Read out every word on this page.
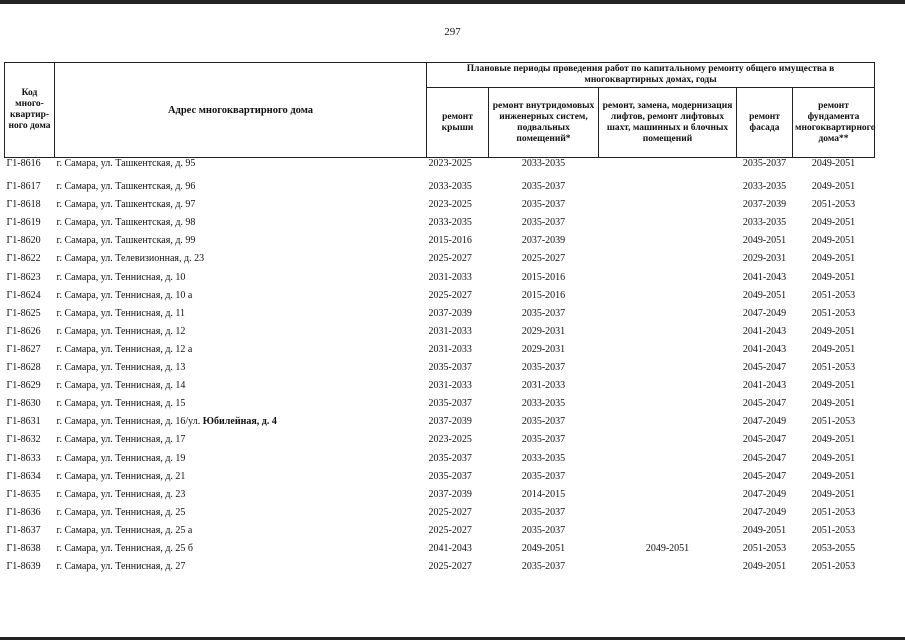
297
Код много-квартир-ного дома	Адрес многоквартирного дома	Плановые периоды проведения работ по капитальному ремонту общего имущества в многоквартирных домах, годы				
		ремонт крыши	ремонт внутридомовых инженерных систем, подвальных помещений*	ремонт, замена, модернизация лифтов, ремонт лифтовых шахт, машинных и блочных помещений	ремонт фасада	ремонт фундамента многоквартирного дома**
Г1-8616	г. Самара, ул. Ташкентская, д. 95	2023-2025	2033-2035		2035-2037	2049-2051
Г1-8617	г. Самара, ул. Ташкентская, д. 96	2033-2035	2035-2037		2033-2035	2049-2051
Г1-8618	г. Самара, ул. Ташкентская, д. 97	2023-2025	2035-2037		2037-2039	2051-2053
Г1-8619	г. Самара, ул. Ташкентская, д. 98	2033-2035	2035-2037		2033-2035	2049-2051
Г1-8620	г. Самара, ул. Ташкентская, д. 99	2015-2016	2037-2039		2049-2051	2049-2051
Г1-8622	г. Самара, ул. Телевизионная, д. 23	2025-2027	2025-2027		2029-2031	2049-2051
Г1-8623	г. Самара, ул. Теннисная, д. 10	2031-2033	2015-2016		2041-2043	2049-2051
Г1-8624	г. Самара, ул. Теннисная, д. 10 а	2025-2027	2015-2016		2049-2051	2051-2053
Г1-8625	г. Самара, ул. Теннисная, д. 11	2037-2039	2035-2037		2047-2049	2051-2053
Г1-8626	г. Самара, ул. Теннисная, д. 12	2031-2033	2029-2031		2041-2043	2049-2051
Г1-8627	г. Самара, ул. Теннисная, д. 12 а	2031-2033	2029-2031		2041-2043	2049-2051
Г1-8628	г. Самара, ул. Теннисная, д. 13	2035-2037	2035-2037		2045-2047	2051-2053
Г1-8629	г. Самара, ул. Теннисная, д. 14	2031-2033	2031-2033		2041-2043	2049-2051
Г1-8630	г. Самара, ул. Теннисная, д. 15	2035-2037	2033-2035		2045-2047	2049-2051
Г1-8631	г. Самара, ул. Теннисная, д. 16/ул. Юбилейная, д. 4	2037-2039	2035-2037		2047-2049	2051-2053
Г1-8632	г. Самара, ул. Теннисная, д. 17	2023-2025	2035-2037		2045-2047	2049-2051
Г1-8633	г. Самара, ул. Теннисная, д. 19	2035-2037	2033-2035		2045-2047	2049-2051
Г1-8634	г. Самара, ул. Теннисная, д. 21	2035-2037	2035-2037		2045-2047	2049-2051
Г1-8635	г. Самара, ул. Теннисная, д. 23	2037-2039	2014-2015		2047-2049	2049-2051
Г1-8636	г. Самара, ул. Теннисная, д. 25	2025-2027	2035-2037		2047-2049	2051-2053
Г1-8637	г. Самара, ул. Теннисная, д. 25 а	2025-2027	2035-2037		2049-2051	2051-2053
Г1-8638	г. Самара, ул. Теннисная, д. 25 б	2041-2043	2049-2051	2049-2051	2051-2053	2053-2055
Г1-8639	г. Самара, ул. Теннисная, д. 27	2025-2027	2035-2037		2049-2051	2051-2053
